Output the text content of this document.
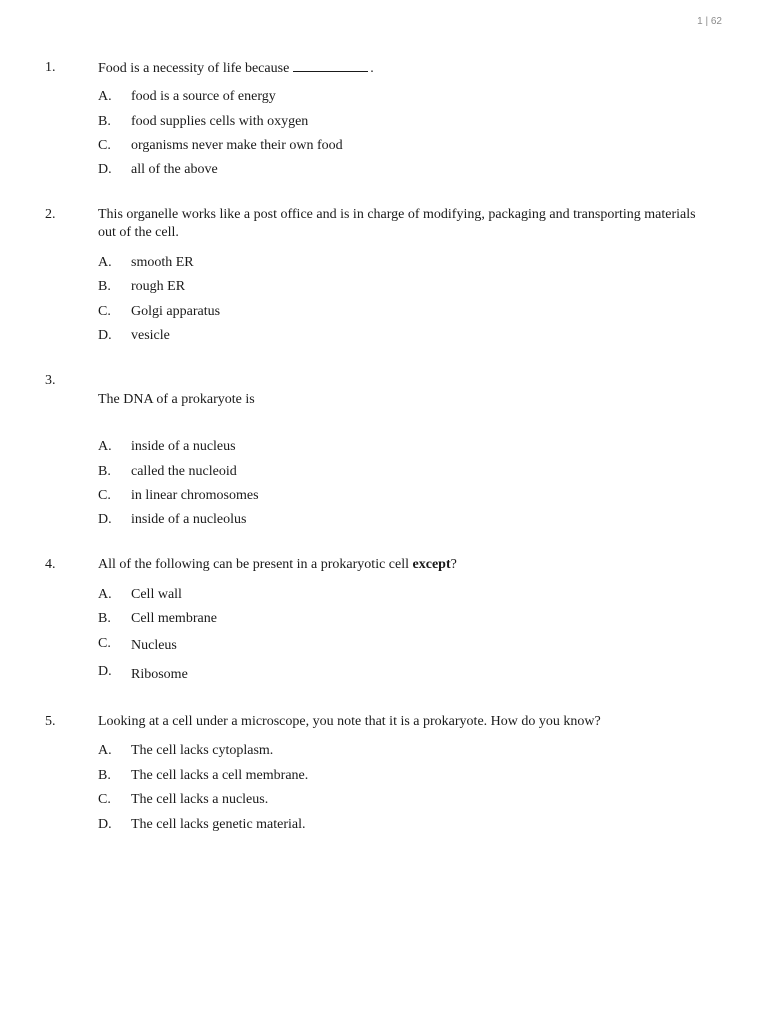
1 | 62
1.	Food is a necessity of life because	.
A. food is a source of energy
B. food supplies cells with oxygen
C. organisms never make their own food
D. all of the above
2.	This organelle works like a post office and is in charge of modifying, packaging and transporting materials out of the cell.
A. smooth ER
B. rough ER
C. Golgi apparatus
D. vesicle
3.
The DNA of a prokaryote is
A. inside of a nucleus
B. called the nucleoid
C. in linear chromosomes
D. inside of a nucleolus
4.	All of the following can be present in a prokaryotic cell except?
A. Cell wall
B. Cell membrane
C. Nucleus
D. Ribosome
5.	Looking at a cell under a microscope, you note that it is a prokaryote. How do you know?
A. The cell lacks cytoplasm.
B. The cell lacks a cell membrane.
C. The cell lacks a nucleus.
D. The cell lacks genetic material.
